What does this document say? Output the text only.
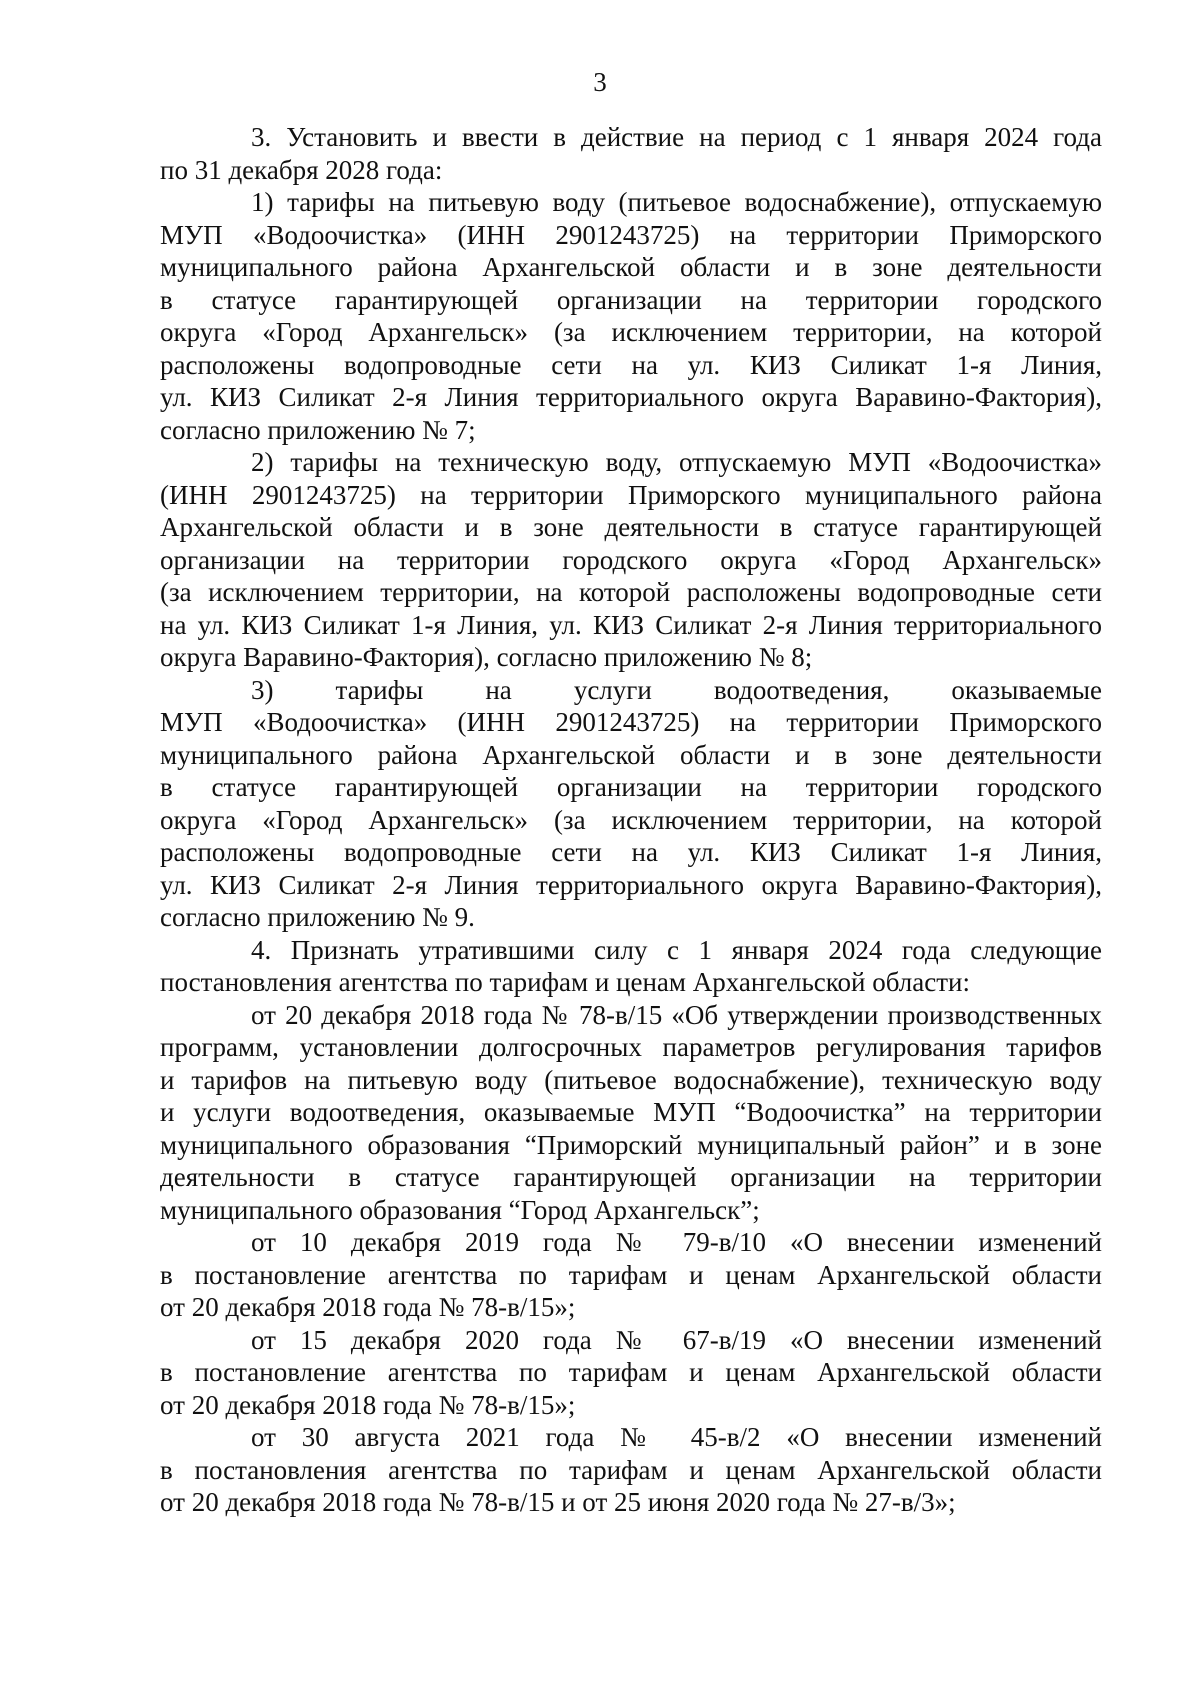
3
3. Установить и ввести в действие на период с 1 января 2024 года
по 31 декабря 2028 года:
1) тарифы на питьевую воду (питьевое водоснабжение), отпускаемую
МУП «Водоочистка» (ИНН 2901243725) на территории Приморского
муниципального района Архангельской области и в зоне деятельности
в статусе гарантирующей организации на территории городского
округа «Город Архангельск» (за исключением территории, на которой
расположены водопроводные сети на ул. КИЗ Силикат 1-я Линия,
ул. КИЗ Силикат 2-я Линия территориального округа Варавино-Фактория),
согласно приложению № 7;
2) тарифы на техническую воду, отпускаемую МУП «Водоочистка»
(ИНН 2901243725) на территории Приморского муниципального района
Архангельской области и в зоне деятельности в статусе гарантирующей
организации на территории городского округа «Город Архангельск»
(за исключением территории, на которой расположены водопроводные сети
на ул. КИЗ Силикат 1-я Линия, ул. КИЗ Силикат 2-я Линия территориального
округа Варавино-Фактория), согласно приложению № 8;
3) тарифы на услуги водоотведения, оказываемые
МУП «Водоочистка» (ИНН 2901243725) на территории Приморского
муниципального района Архангельской области и в зоне деятельности
в статусе гарантирующей организации на территории городского
округа «Город Архангельск» (за исключением территории, на которой
расположены водопроводные сети на ул. КИЗ Силикат 1-я Линия,
ул. КИЗ Силикат 2-я Линия территориального округа Варавино-Фактория),
согласно приложению № 9.
4. Признать утратившими силу с 1 января 2024 года следующие
постановления агентства по тарифам и ценам Архангельской области:
от 20 декабря 2018 года № 78-в/15 «Об утверждении производственных
программ, установлении долгосрочных параметров регулирования тарифов
и тарифов на питьевую воду (питьевое водоснабжение), техническую воду
и услуги водоотведения, оказываемые МУП “Водоочистка” на территории
муниципального образования “Приморский муниципальный район” и в зоне
деятельности в статусе гарантирующей организации на территории
муниципального образования “Город Архангельск”;
от 10 декабря 2019 года № 79-в/10 «О внесении изменений
в постановление агентства по тарифам и ценам Архангельской области
от 20 декабря 2018 года № 78-в/15»;
от 15 декабря 2020 года № 67-в/19 «О внесении изменений
в постановление агентства по тарифам и ценам Архангельской области
от 20 декабря 2018 года № 78-в/15»;
от 30 августа 2021 года № 45-в/2 «О внесении изменений
в постановления агентства по тарифам и ценам Архангельской области
от 20 декабря 2018 года № 78-в/15 и от 25 июня 2020 года № 27-в/3»;
